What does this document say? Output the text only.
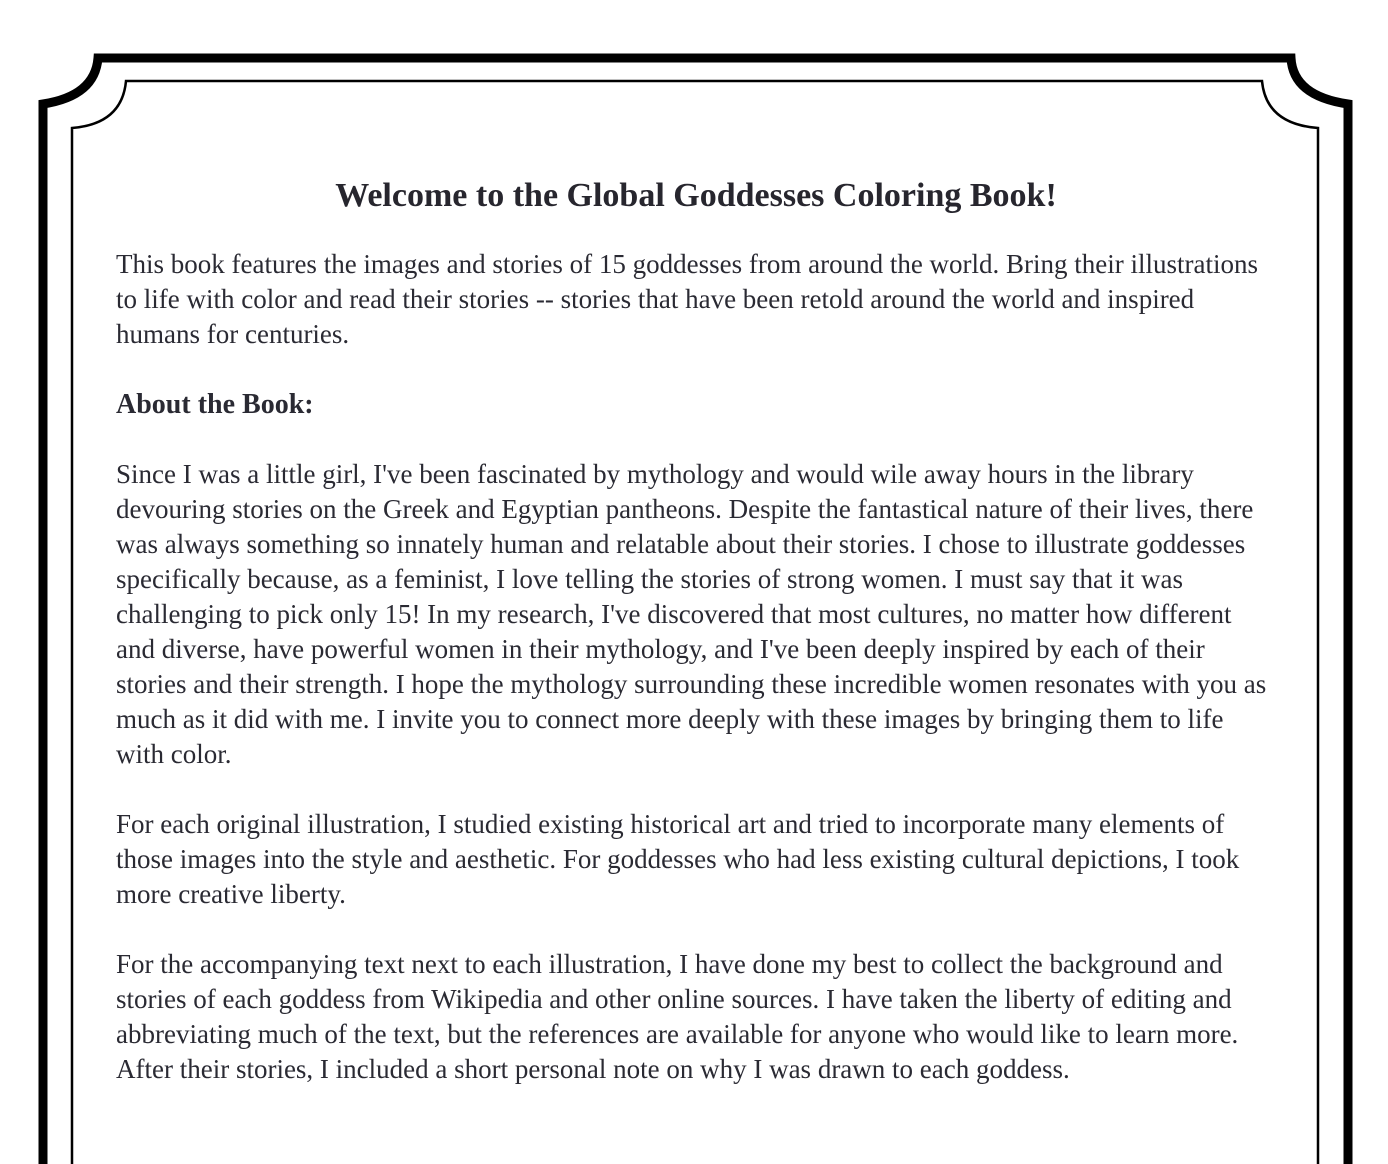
Welcome to the Global Goddesses Coloring Book!

This book features the images and stories of 15 goddesses from around the world. Bring their illustrations to life with color and read their stories -- stories that have been retold around the world and inspired humans for centuries.

About the Book:

Since I was a little girl, I've been fascinated by mythology and would wile away hours in the library devouring stories on the Greek and Egyptian pantheons. Despite the fantastical nature of their lives, there was always something so innately human and relatable about their stories. I chose to illustrate goddesses specifically because, as a feminist, I love telling the stories of strong women. I must say that it was challenging to pick only 15! In my research, I've discovered that most cultures, no matter how different and diverse, have powerful women in their mythology, and I've been deeply inspired by each of their stories and their strength. I hope the mythology surrounding these incredible women resonates with you as much as it did with me. I invite you to connect more deeply with these images by bringing them to life with color.

For each original illustration, I studied existing historical art and tried to incorporate many elements of those images into the style and aesthetic. For goddesses who had less existing cultural depictions, I took more creative liberty.

For the accompanying text next to each illustration, I have done my best to collect the background and stories of each goddess from Wikipedia and other online sources. I have taken the liberty of editing and abbreviating much of the text, but the references are available for anyone who would like to learn more. After their stories, I included a short personal note on why I was drawn to each goddess.
